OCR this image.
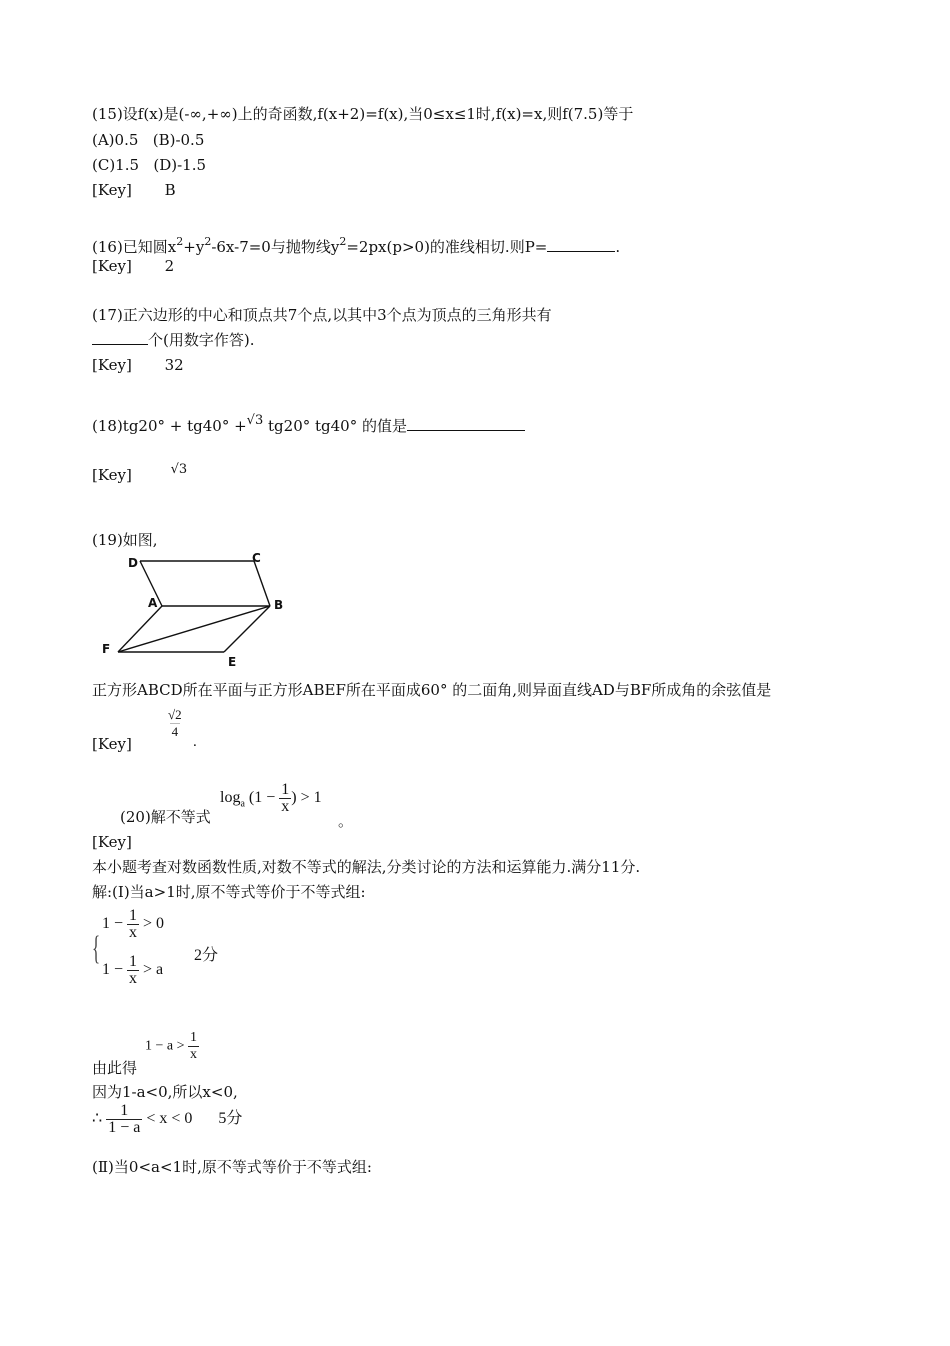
(15)设f(x)是(-∞,+∞)上的奇函数,f(x+2)=f(x),当0≤x≤1时,f(x)=x,则f(7.5)等于
(A)0.5 (B)-0.5
(C)1.5 (D)-1.5
[Key] B
(16)已知圆$x^2+y^2-6x-7=0$与抛物线$y^2=2px(p>0)$的准线相切.则P=	.
[Key] 2
(17)正六边形的中心和顶点共7个点,以其中3个点为顶点的三角形共有
个(用数字作答).
[Key] 32
(18)tg20° + tg40° +$^{√3}$ tg20° tg40° 的值是
[Key]	$^{√3}$
(19)如图,
D	C
A	B
F
E
正方形ABCD所在平面与正方形ABEF所在平面成60° 的二面角,则异面直线AD与BF所成角的余弦值是
[Key]
$\frac{√2}{4}$
.
(20)解不等式
$\log_a (1 - \frac{1}{x}$ ) > 1
。
[Key]
本小题考查对数函数性质,对数不等式的解法,分类讨论的方法和运算能力.满分11分.
解:(Ⅰ)当a>1时,原不等式等价于不等式组:
{
$1 - \frac{1}{x} > 0$
$1 - \frac{1}{x} > a$
2分
由此得
$1 - a > \frac{1}{x}$
因为1-a<0,所以x<0,
∴ $\frac{1}{1 - a} < x < 0$ 5分
(Ⅱ)当0<a<1时,原不等式等价于不等式组:
